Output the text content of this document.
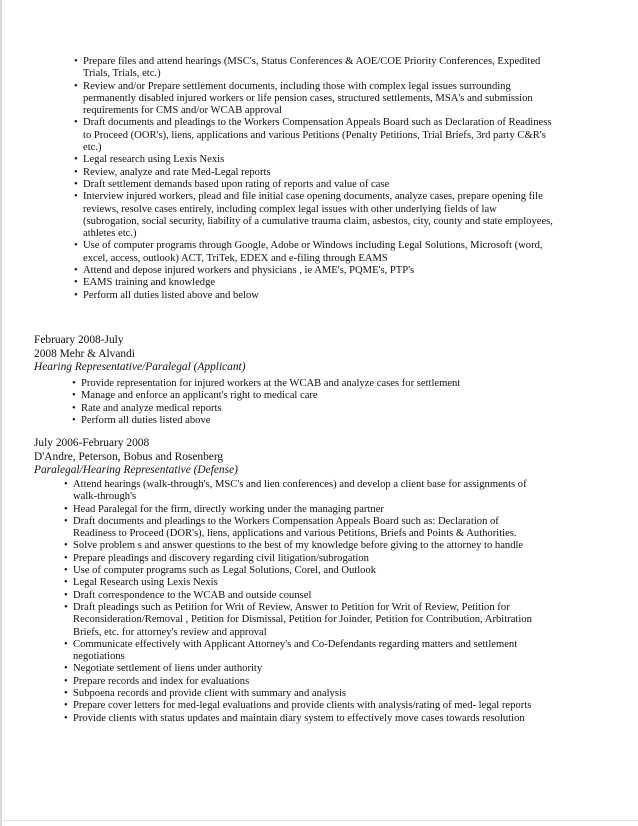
• Prepare files and attend hearings (MSC's, Status Conferences & AOE/COE Priority Conferences, Expedited Trials, Trials, etc.)
• Review and/or Prepare settlement documents, including those with complex legal issues surrounding permanently disabled injured workers or life pension cases, structured settlements, MSA's and submission requirements for CMS and/or WCAB approval
• Draft documents and pleadings to the Workers Compensation Appeals Board such as Declaration of Readiness to Proceed (OOR's), liens, applications and various Petitions (Penalty Petitions, Trial Briefs, 3rd party C&R's etc.)
• Legal research using Lexis Nexis
• Review, analyze and rate Med-Legal reports
• Draft settlement demands based upon rating of reports and value of case
• Interview injured workers, plead and file initial case opening documents, analyze cases, prepare opening file reviews, resolve cases entirely, including complex legal issues with other underlying fields of law (subrogation, social security, liability of a cumulative trauma claim, asbestos, city, county and state employees, athletes etc.)
• Use of computer programs through Google, Adobe or Windows including Legal Solutions, Microsoft (word, excel, access, outlook) ACT, TriTek, EDEX and e-filing through EAMS
• Attend and depose injured workers and physicians , ie AME's, PQME's, PTP's
• EAMS training and knowledge
• Perform all duties listed above and below
February 2008-July
2008 Mehr & Alvandi
Hearing Representative/Paralegal (Applicant)
• Provide representation for injured workers at the WCAB and analyze cases for settlement
• Manage and enforce an applicant's right to medical care
• Rate and analyze medical reports
• Perform all duties listed above
July 2006-February 2008
D'Andre, Peterson, Bobus and Rosenberg
Paralegal/Hearing Representative (Defense)
• Attend hearings (walk-through's, MSC's and lien conferences) and develop a client base for assignments of walk-through's
• Head Paralegal for the firm, directly working under the managing partner
• Draft documents and pleadings to the Workers Compensation Appeals Board such as: Declaration of Readiness to Proceed (DOR's), liens, applications and various Petitions, Briefs and Points & Authorities.
• Solve problem s and answer questions to the best of my knowledge before giving to the attorney to handle
• Prepare pleadings and discovery regarding civil litigation/subrogation
• Use of computer programs such as Legal Solutions, Corel, and Outlook
• Legal Research using Lexis Nexis
• Draft correspondence to the WCAB and outside counsel
• Draft pleadings such as Petition for Writ of Review, Answer to Petition for Writ of Review, Petition for Reconsideration/Removal , Petition for Dismissal, Petition for Joinder, Petition for Contribution, Arbitration Briefs, etc. for attorney's review and approval
• Communicate effectively with Applicant Attorney's and Co-Defendants regarding matters and settlement negotiations
• Negotiate settlement of liens under authority
• Prepare records and index for evaluations
• Subpoena records and provide client with summary and analysis
• Prepare cover letters for med-legal evaluations and provide clients with analysis/rating of med- legal reports
• Provide clients with status updates and maintain diary system to effectively move cases towards resolution
